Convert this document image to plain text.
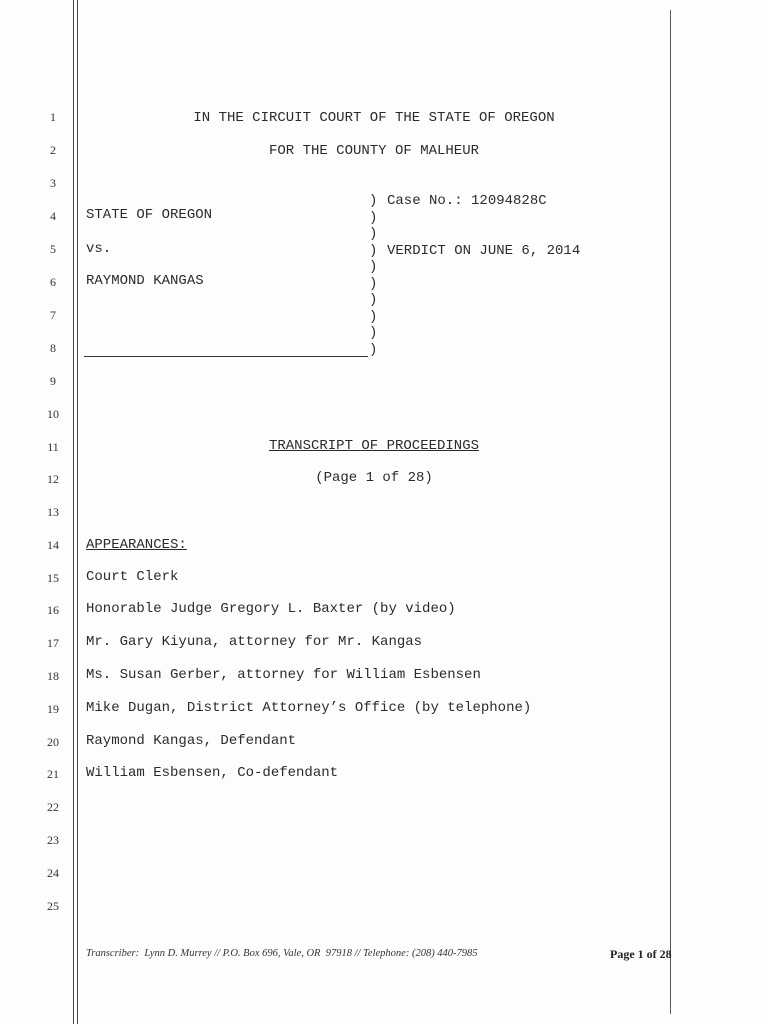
1
2
3
4
5
6
7
8
9
10
11
12
13
14
15
16
17
18
19
20
21
22
23
24
25
IN THE CIRCUIT COURT OF THE STATE OF OREGON
FOR THE COUNTY OF MALHEUR
STATE OF OREGON
vs.
RAYMOND KANGAS
)
)
)
)
)
)
)
)
)
)
Case No.: 12094828C
VERDICT ON JUNE 6, 2014
TRANSCRIPT OF PROCEEDINGS
(Page 1 of 28)
APPEARANCES:
Court Clerk
Honorable Judge Gregory L. Baxter (by video)
Mr. Gary Kiyuna, attorney for Mr. Kangas
Ms. Susan Gerber, attorney for William Esbensen
Mike Dugan, District Attorney’s Office (by telephone)
Raymond Kangas, Defendant
William Esbensen, Co-defendant
Transcriber:  Lynn D. Murrey // P.O. Box 696, Vale, OR  97918 // Telephone: (208) 440-7985	Page 1 of 28
